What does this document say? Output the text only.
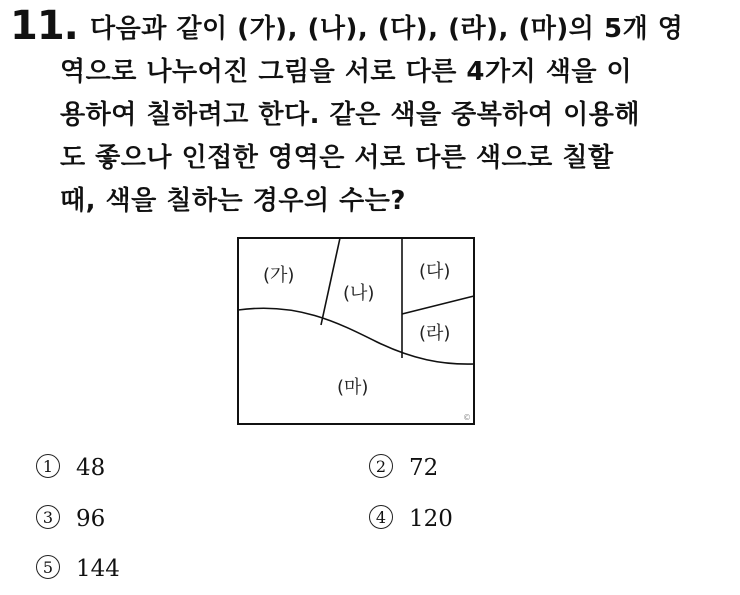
11. 다음과 같이 (가), (나), (다), (라), (마)의 5개 영
역으로 나누어진 그림을 서로 다른 4가지 색을 이
용하여 칠하려고 한다. 같은 색을 중복하여 이용해
도 좋으나 인접한 영역은 서로 다른 색으로 칠할
때, 색을 칠하는 경우의 수는?
(가)
(나)
(다)
(라)
(마)
©
1 48	2 72
3 96	4 120
5 144
